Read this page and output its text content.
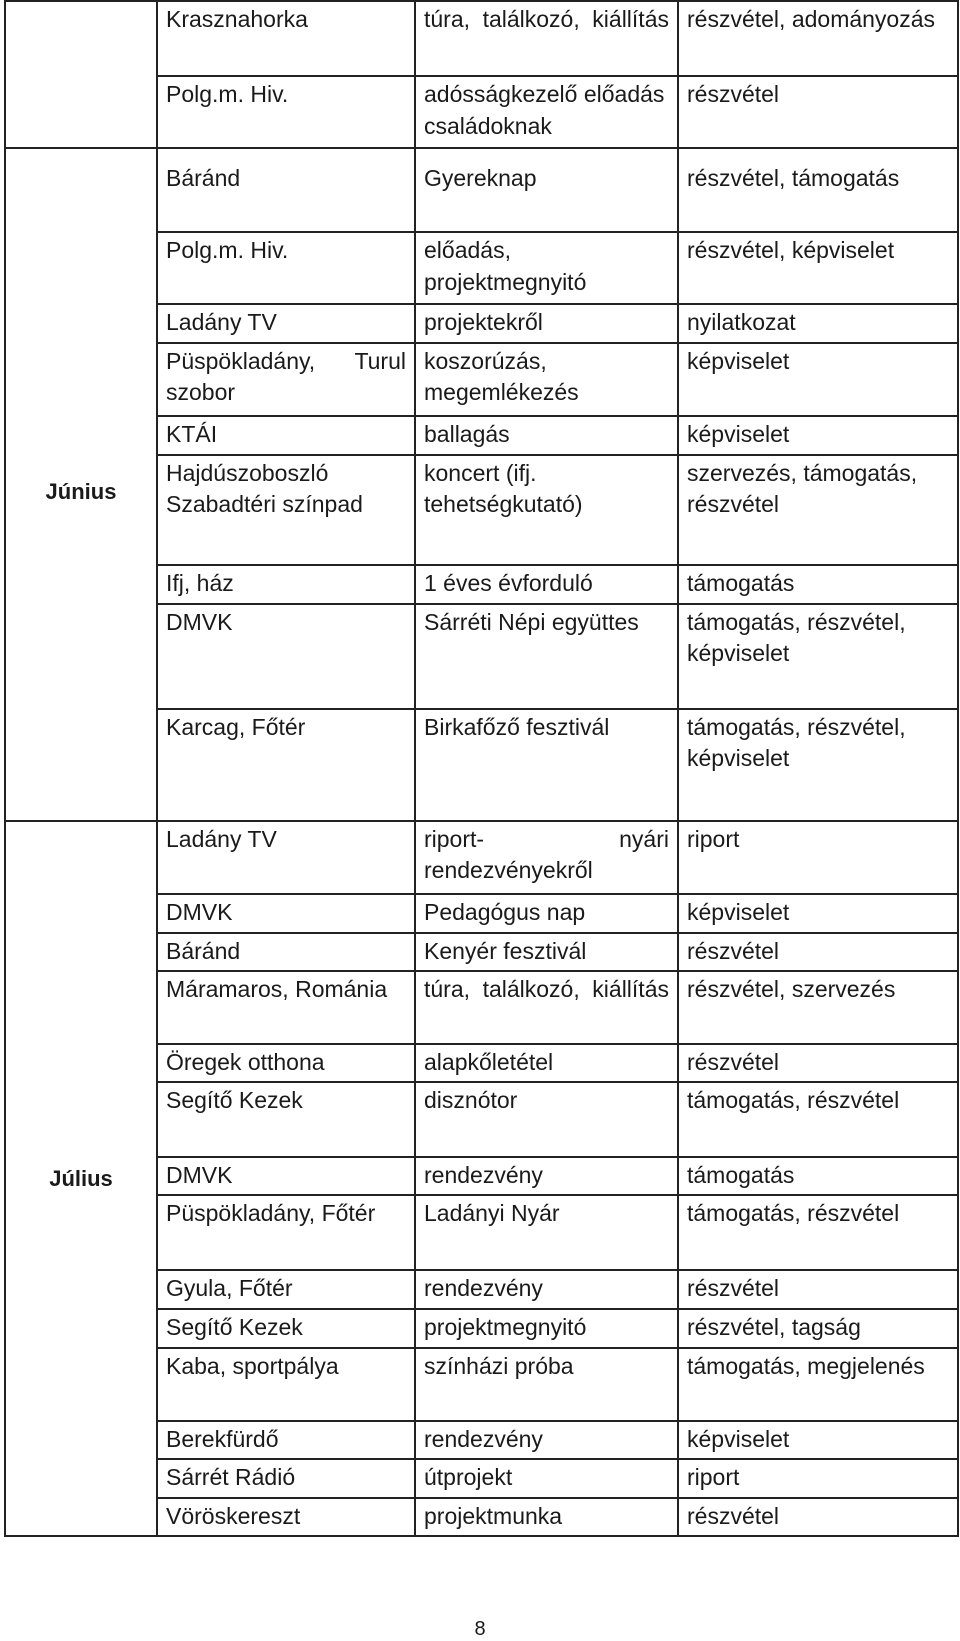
	Krasznahorka	túra, találkozó, kiállítás	részvétel, adományozás
	Polg.m. Hiv.	adósságkezelő előadás családoknak	részvétel
Június	Báránd	Gyereknap	részvétel, támogatás
	Polg.m. Hiv.	előadás, projektmegnyitó	részvétel, képviselet
	Ladány TV	projektekről	nyilatkozat
	Püspökladány, Turul szobor	koszorúzás, megemlékezés	képviselet
	KTÁI	ballagás	képviselet
	Hajdúszoboszló Szabadtéri színpad	koncert (ifj. tehetségkutató)	szervezés, támogatás, részvétel
	Ifj, ház	1 éves évforduló	támogatás
	DMVK	Sárréti Népi együttes	támogatás, részvétel, képviselet
	Karcag, Főtér	Birkafőző fesztivál	támogatás, részvétel, képviselet
Július	Ladány TV	riport- nyári rendezvényekről	riport
	DMVK	Pedagógus nap	képviselet
	Báránd	Kenyér fesztivál	részvétel
	Máramaros, Románia	túra, találkozó, kiállítás	részvétel, szervezés
	Öregek otthona	alapkőletétel	részvétel
	Segítő Kezek	disznótor	támogatás, részvétel
	DMVK	rendezvény	támogatás
	Püspökladány, Főtér	Ladányi Nyár	támogatás, részvétel
	Gyula, Főtér	rendezvény	részvétel
	Segítő Kezek	projektmegnyitó	részvétel, tagság
	Kaba, sportpálya	színházi próba	támogatás, megjelenés
	Berekfürdő	rendezvény	képviselet
	Sárrét Rádió	útprojekt	riport
	Vöröskereszt	projektmunka	részvétel
8
